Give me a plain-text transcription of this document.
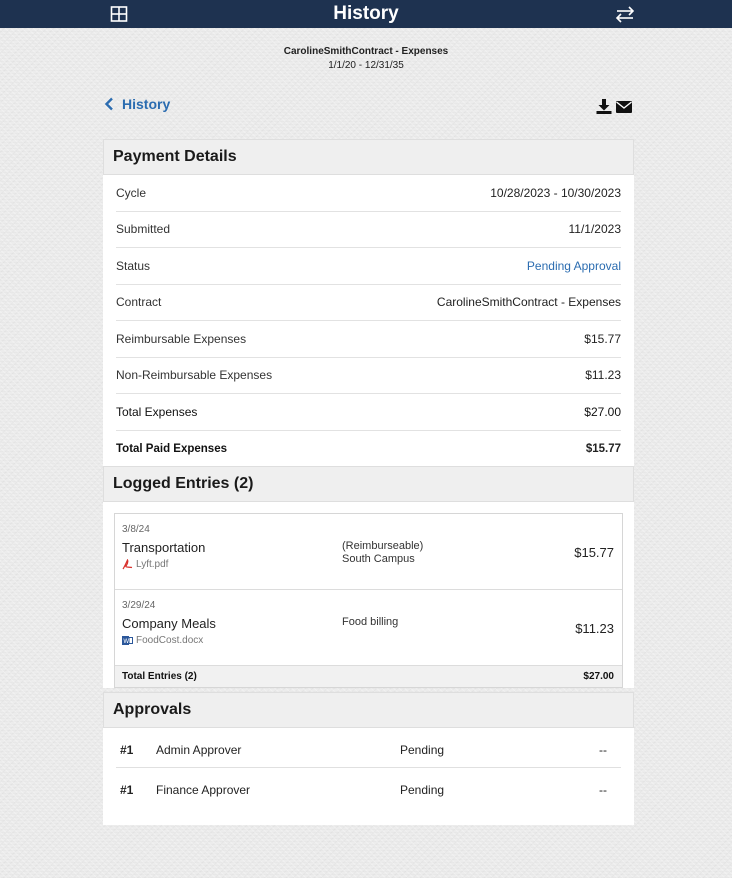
History
CarolineSmithContract - Expenses
1/1/20 - 12/31/35
History
Payment Details
Cycle	10/28/2023 - 10/30/2023
Submitted	11/1/2023
Status	Pending Approval
Contract	CarolineSmithContract - Expenses
Reimbursable Expenses	$15.77
Non-Reimbursable Expenses	$11.23
Total Expenses	$27.00
Total Paid Expenses	$15.77
Logged Entries (2)
3/8/24
Transportation
Lyft.pdf
(Reimburseable)
South Campus	$15.77
3/29/24
Company Meals
W FoodCost.docx
Food billing	$11.23
Total Entries (2)	$27.00
Approvals
#1 Admin Approver	Pending	--
#1 Finance Approver	Pending	--
